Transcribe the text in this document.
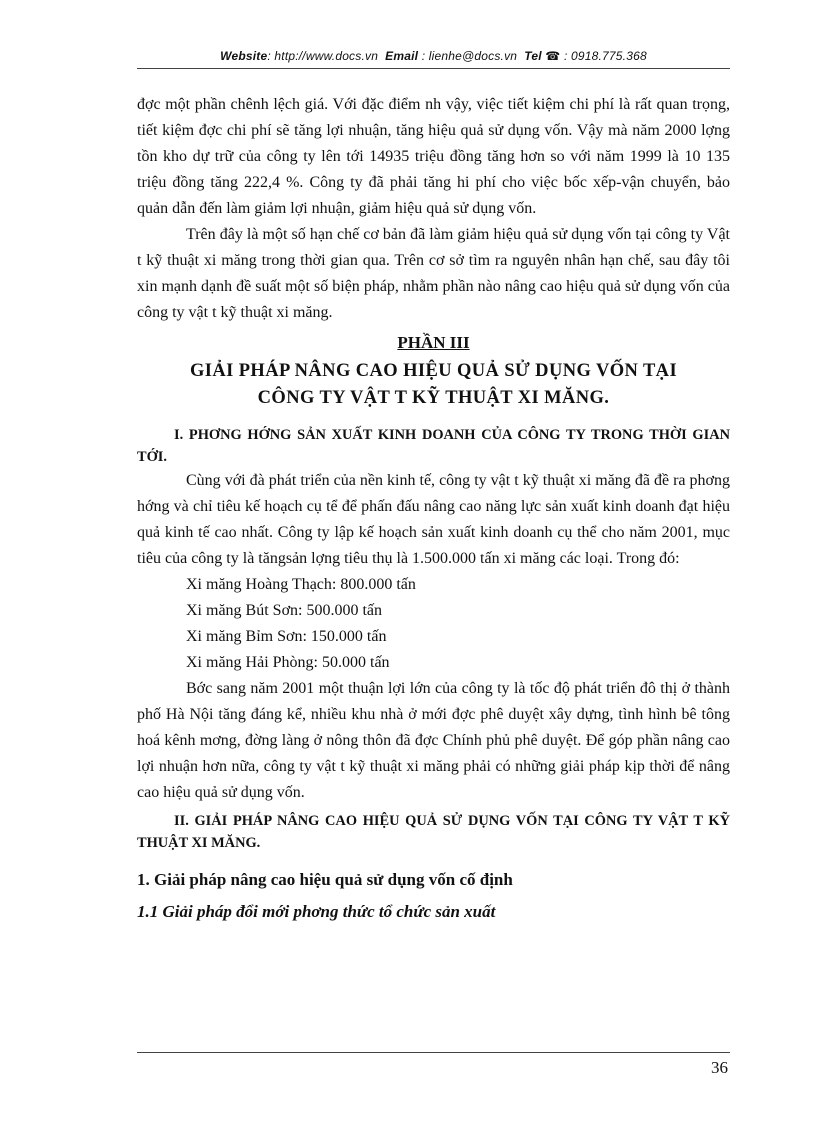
Website: http://www.docs.vn Email : lienhe@docs.vn Tel ☎ : 0918.775.368

đợc một phần chênh lệch giá. Với đặc điểm nh vậy, việc tiết kiệm chi phí là rất quan trọng, tiết kiệm đợc chi phí sẽ tăng lợi nhuận, tăng hiệu quả sử dụng vốn. Vậy mà năm 2000 lợng tồn kho dự trữ của công ty lên tới 14935 triệu đồng tăng hơn so với năm 1999 là 10 135 triệu đồng tăng 222,4 %. Công ty đã phải tăng hi phí cho việc bốc xếp-vận chuyển, bảo quản dẫn đến làm giảm lợi nhuận, giảm hiệu quả sử dụng vốn.

Trên đây là một số hạn chế cơ bản đã làm giảm hiệu quả sử dụng vốn tại công ty Vật t kỹ thuật xi măng trong thời gian qua. Trên cơ sở tìm ra nguyên nhân hạn chế, sau đây tôi xin mạnh dạnh đề suất một số biện pháp, nhằm phần nào nâng cao hiệu quả sử dụng vốn của công ty vật t kỹ thuật xi măng.

PHẦN III
GIẢI PHÁP NÂNG CAO HIỆU QUẢ SỬ DỤNG VỐN TẠI
CÔNG TY VẬT T KỸ THUẬT XI MĂNG.

I. PHƠNG HỚNG SẢN XUẤT KINH DOANH CỦA CÔNG TY TRONG THỜI GIAN TỚI.

Cùng với đà phát triển của nền kinh tế, công ty vật t kỹ thuật xi măng đã đề ra phơng hớng và chỉ tiêu kế hoạch cụ tể để phấn đấu nâng cao năng lực sản xuất kinh doanh đạt hiệu quả kinh tế cao nhất. Công ty lập kế hoạch sản xuất kinh doanh cụ thể cho năm 2001, mục tiêu của công ty là tăngsản lợng tiêu thụ là 1.500.000 tấn xi măng các loại. Trong đó:

Xi măng Hoàng Thạch: 800.000 tấn
Xi măng Bút Sơn: 500.000 tấn
Xi măng Bỉm Sơn: 150.000 tấn
Xi măng Hải Phòng: 50.000 tấn

Bớc sang năm 2001 một thuận lợi lớn của công ty là tốc độ phát triển đô thị ở thành phố Hà Nội tăng đáng kể, nhiều khu nhà ở mới đợc phê duyệt xây dựng, tình hình bê tông hoá kênh mơng, đờng làng ở nông thôn đã đợc Chính phủ phê duyệt. Để góp phần nâng cao lợi nhuận hơn nữa, công ty vật t kỹ thuật xi măng phải có những giải pháp kịp thời để nâng cao hiệu quả sử dụng vốn.

II. GIẢI PHÁP NÂNG CAO HIỆU QUẢ SỬ DỤNG VỐN TẠI CÔNG TY VẬT T KỸ THUẬT XI MĂNG.

1. Giải pháp nâng cao hiệu quả sử dụng vốn cố định
1.1 Giải pháp đổi mới phơng thức tổ chức sản xuất
36
